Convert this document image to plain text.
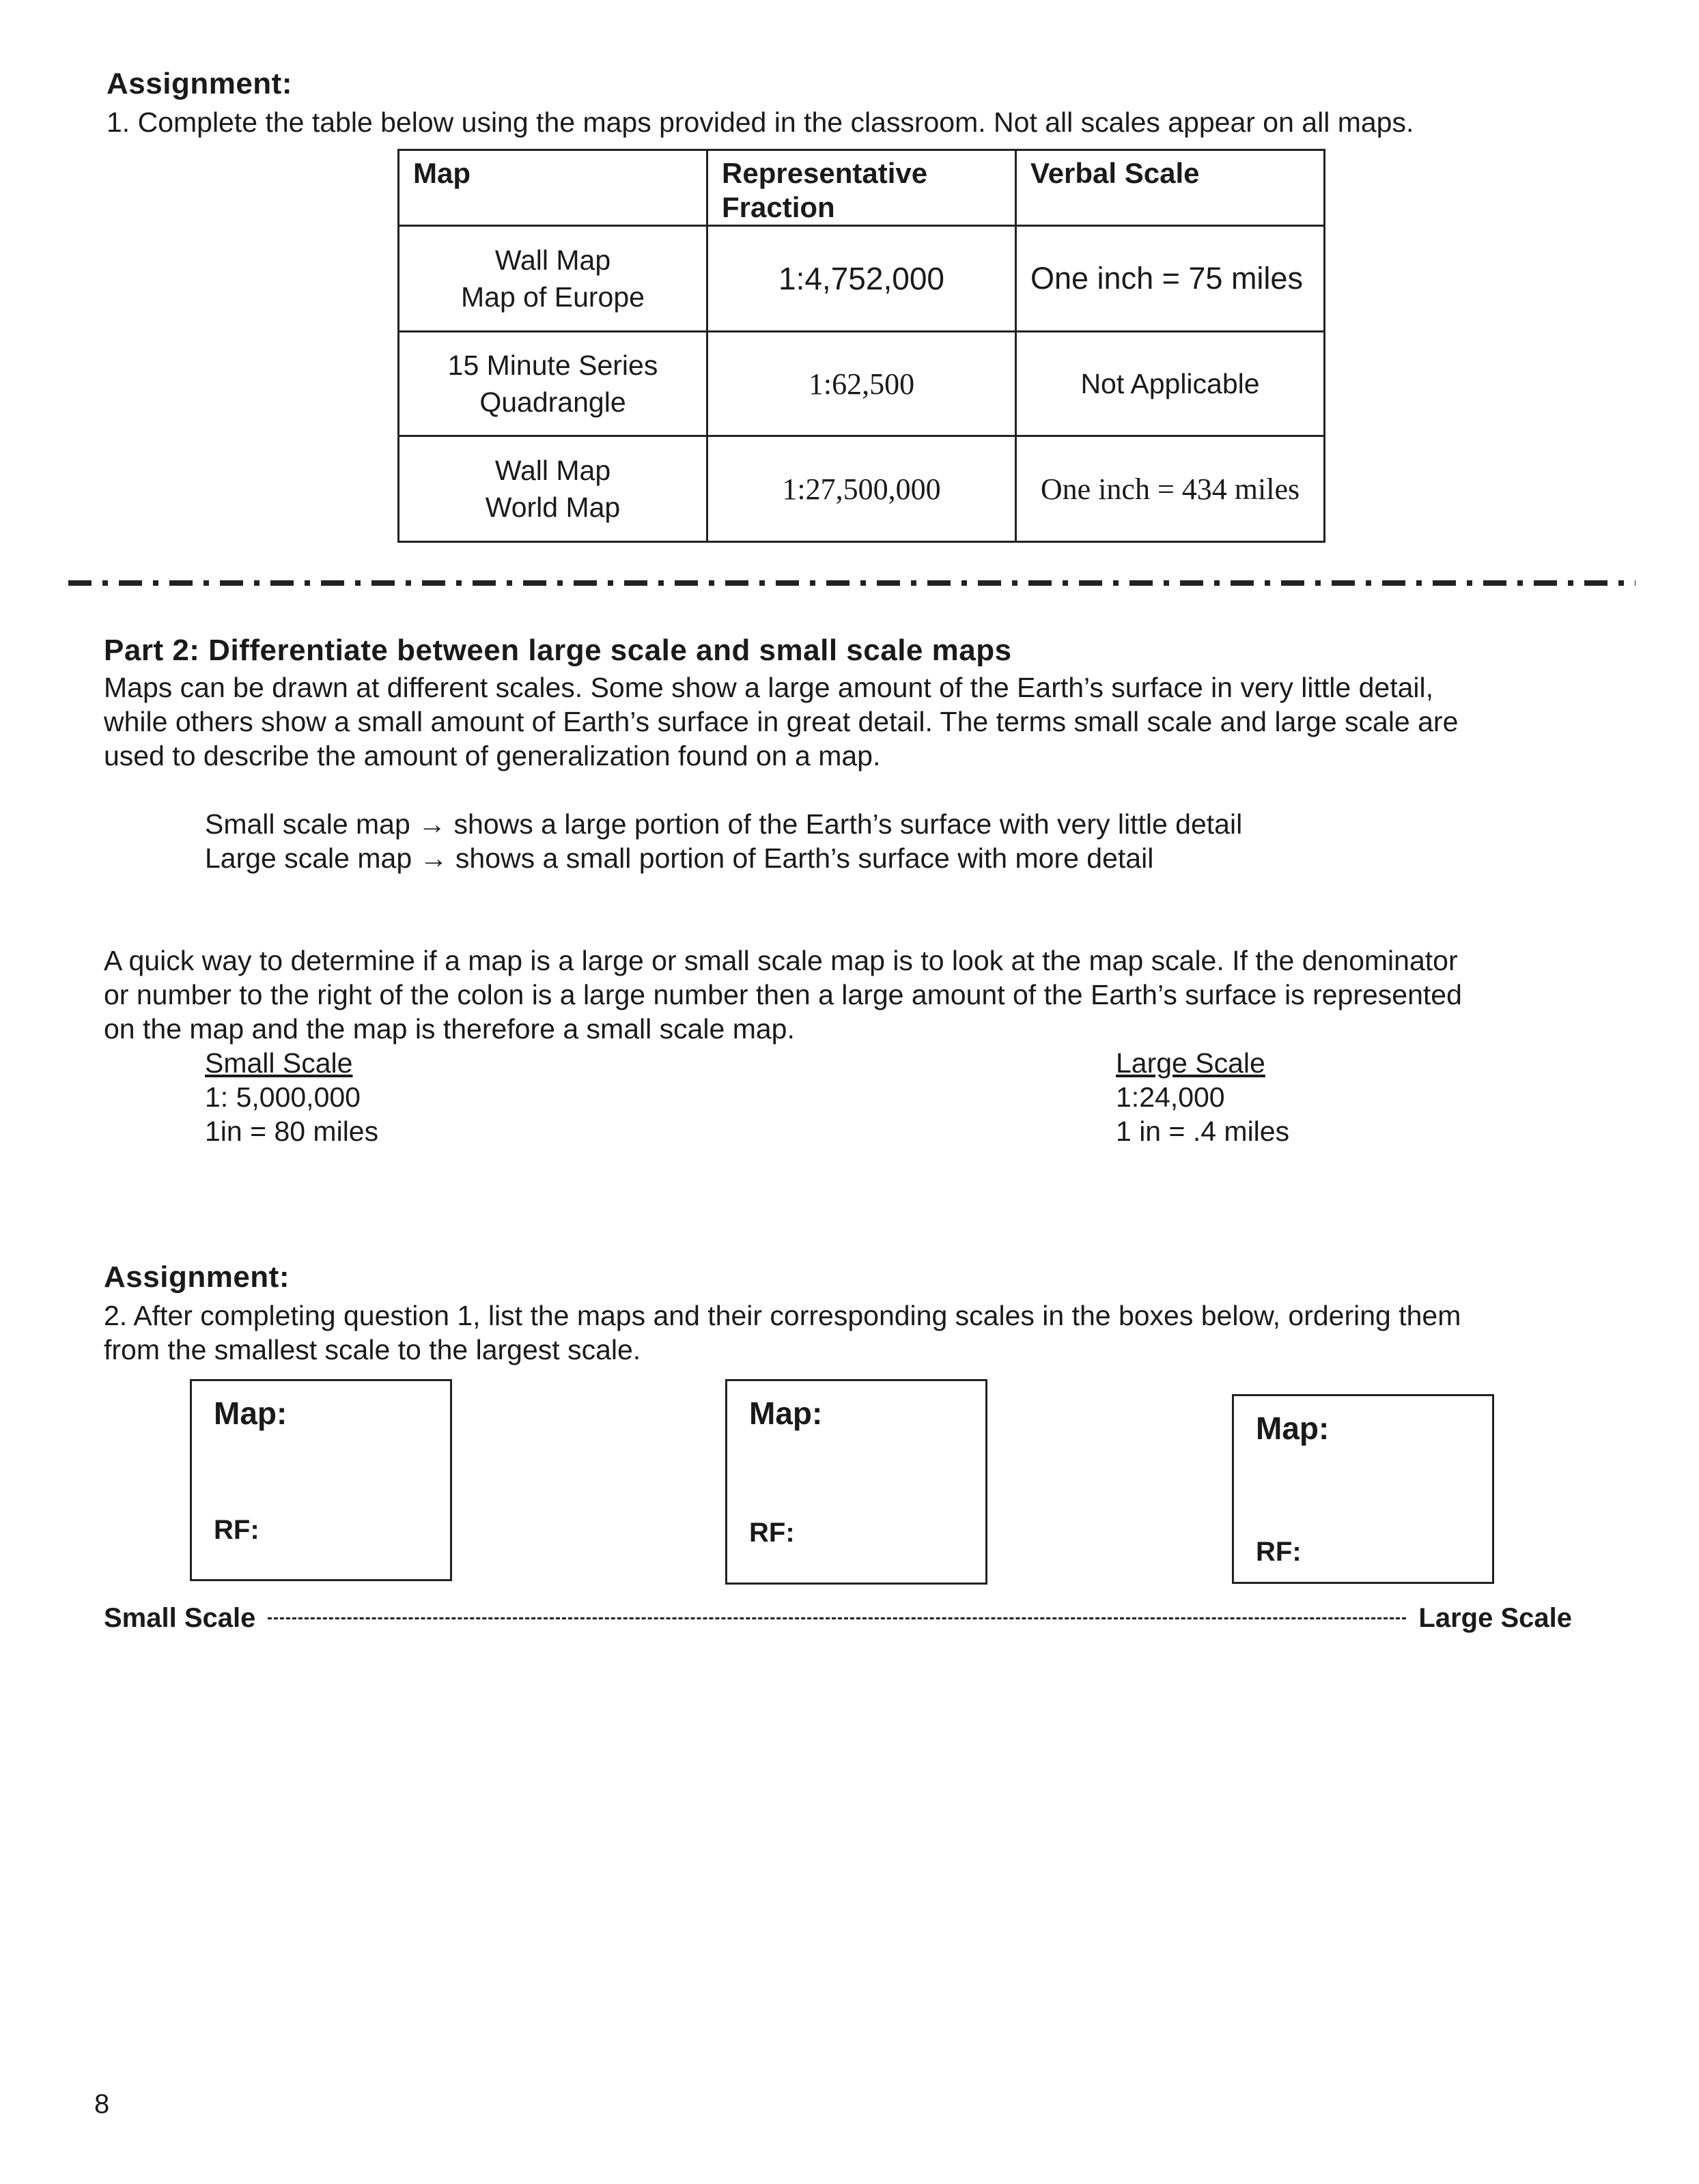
Assignment:
1. Complete the table below using the maps provided in the classroom. Not all scales appear on all maps.
Map	Representative Fraction	Verbal Scale

Wall Map
Map of Europe	1:4,752,000	One inch = 75 miles

15 Minute Series
Quadrangle	1:62,500	Not Applicable

Wall Map
World Map	1:27,500,000	One inch = 434 miles
Part 2: Differentiate between large scale and small scale maps
Maps can be drawn at different scales. Some show a large amount of the Earth’s surface in very little detail,
while others show a small amount of Earth’s surface in great detail. The terms small scale and large scale are
used to describe the amount of generalization found on a map.
Small scale map → shows a large portion of the Earth’s surface with very little detail
Large scale map → shows a small portion of Earth’s surface with more detail
A quick way to determine if a map is a large or small scale map is to look at the map scale. If the denominator
or number to the right of the colon is a large number then a large amount of the Earth’s surface is represented
on the map and the map is therefore a small scale map.
Small Scale
1: 5,000,000
1in = 80 miles
Large Scale
1:24,000
1 in = .4 miles
Assignment:
2. After completing question 1, list the maps and their corresponding scales in the boxes below, ordering them
from the smallest scale to the largest scale.
Map:
RF:
Map:
RF:
Map:
RF:
Small Scale	Large Scale
8
